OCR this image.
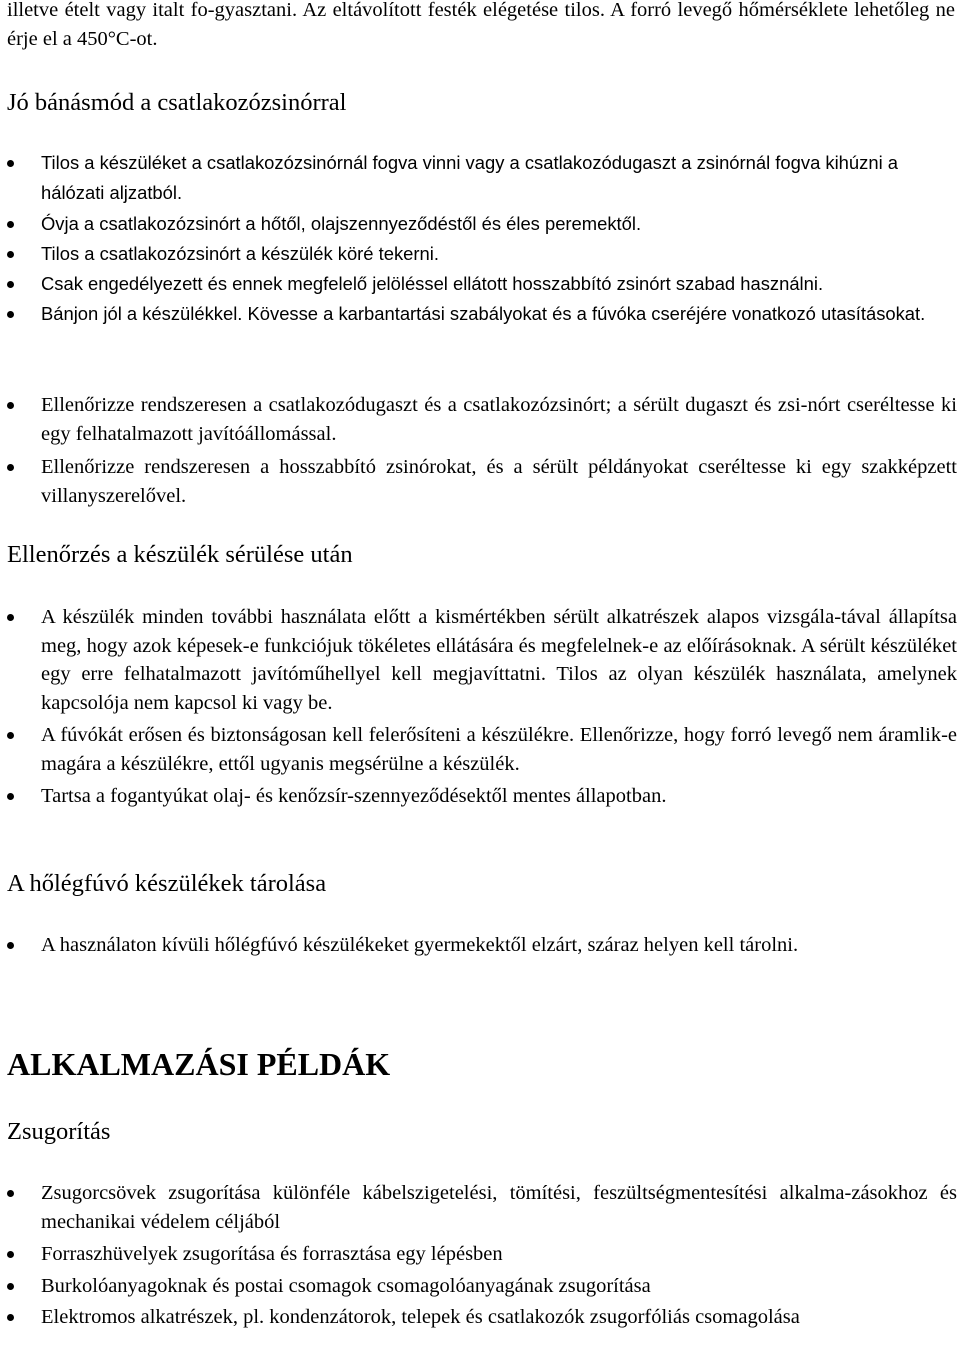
illetve ételt vagy italt fo-gyasztani. Az eltávolított festék elégetése tilos. A forró levegő hőmérséklete lehetőleg ne érje el a 450°C-ot.

Jó bánásmód a csatlakozózsinórral
Tilos a készüléket a csatlakozózsinórnál fogva vinni vagy a csatlakozódugaszt a zsinórnál fogva kihúzni a hálózati aljzatból.
Óvja a csatlakozózsinórt a hőtől, olajszennyeződéstől és éles peremektől.
Tilos a csatlakozózsinórt a készülék köré tekerni.
Csak engedélyezett és ennek megfelelő jelöléssel ellátott hosszabbító zsinórt szabad használni.
Bánjon jól a készülékkel. Kövesse a karbantartási szabályokat és a fúvóka cseréjére vonatkozó utasításokat.
Ellenőrizze rendszeresen a csatlakozódugaszt és a csatlakozózsinórt; a sérült dugaszt és zsi-nórt cseréltesse ki egy felhatalmazott javítóállomással.
Ellenőrizze rendszeresen a hosszabbító zsinórokat, és a sérült példányokat cseréltesse ki egy szakképzett villanyszerelővel.
Ellenőrzés a készülék sérülése után
A készülék minden további használata előtt a kismértékben sérült alkatrészek alapos vizsgála-tával állapítsa meg, hogy azok képesek-e funkciójuk tökéletes ellátására és megfelelnek-e az előírásoknak. A sérült készüléket egy erre felhatalmazott javítóműhellyel kell megjavíttatni. Tilos az olyan készülék használata, amelynek kapcsolója nem kapcsol ki vagy be.
A fúvókát erősen és biztonságosan kell felerősíteni a készülékre. Ellenőrizze, hogy forró levegő nem áramlik-e magára a készülékre, ettől ugyanis megsérülne a készülék.
Tartsa a fogantyúkat olaj- és kenőzsír-szennyeződésektől mentes állapotban.
A hőlégfúvó készülékek tárolása
A használaton kívüli hőlégfúvó készülékeket gyermekektől elzárt, száraz helyen kell tárolni.
ALKALMAZÁSI PÉLDÁK
Zsugorítás
Zsugorcsövek zsugorítása különféle kábelszigetelési, tömítési, feszültségmentesítési alkalma-zásokhoz és mechanikai védelem céljából
Forraszhüvelyek zsugorítása és forrasztása egy lépésben
Burkolóanyagoknak és postai csomagok csomagolóanyagának zsugorítása
Elektromos alkatrészek, pl. kondenzátorok, telepek és csatlakozók zsugorfóliás csomagolása
